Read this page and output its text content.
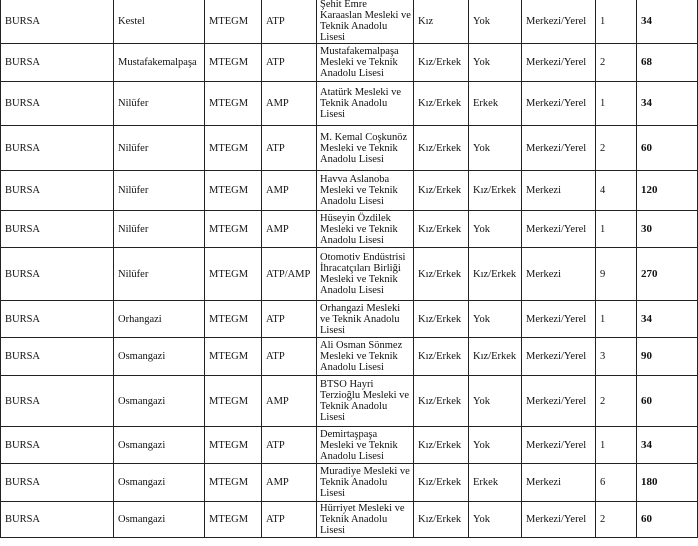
BURSA	Kestel	MTEGM	ATP	Şehit Emre Karaaslan Mesleki ve Teknik Anadolu Lisesi	Kız	Yok	Merkezi/Yerel	1	34
BURSA	Mustafakemalpaşa	MTEGM	ATP	Mustafakemalpaşa Mesleki ve Teknik Anadolu Lisesi	Kız/Erkek	Yok	Merkezi/Yerel	2	68
BURSA	Nilüfer	MTEGM	AMP	Atatürk Mesleki ve Teknik Anadolu Lisesi	Kız/Erkek	Erkek	Merkezi/Yerel	1	34
BURSA	Nilüfer	MTEGM	ATP	M. Kemal Coşkunöz Mesleki ve Teknik Anadolu Lisesi	Kız/Erkek	Yok	Merkezi/Yerel	2	60
BURSA	Nilüfer	MTEGM	AMP	Havva Aslanoba Mesleki ve Teknik Anadolu Lisesi	Kız/Erkek	Kız/Erkek	Merkezi	4	120
BURSA	Nilüfer	MTEGM	AMP	Hüseyin Özdilek Mesleki ve Teknik Anadolu Lisesi	Kız/Erkek	Yok	Merkezi/Yerel	1	30
BURSA	Nilüfer	MTEGM	ATP/AMP	Otomotiv Endüstrisi İhracatçıları Birliği Mesleki ve Teknik Anadolu Lisesi	Kız/Erkek	Kız/Erkek	Merkezi	9	270
BURSA	Orhangazi	MTEGM	ATP	Orhangazi Mesleki ve Teknik Anadolu Lisesi	Kız/Erkek	Yok	Merkezi/Yerel	1	34
BURSA	Osmangazi	MTEGM	ATP	Ali Osman Sönmez Mesleki ve Teknik Anadolu Lisesi	Kız/Erkek	Kız/Erkek	Merkezi/Yerel	3	90
BURSA	Osmangazi	MTEGM	AMP	BTSO Hayri Terzioğlu Mesleki ve Teknik Anadolu Lisesi	Kız/Erkek	Yok	Merkezi/Yerel	2	60
BURSA	Osmangazi	MTEGM	ATP	Demirtaşpaşa Mesleki ve Teknik Anadolu Lisesi	Kız/Erkek	Yok	Merkezi/Yerel	1	34
BURSA	Osmangazi	MTEGM	AMP	Muradiye Mesleki ve Teknik Anadolu Lisesi	Kız/Erkek	Erkek	Merkezi	6	180
BURSA	Osmangazi	MTEGM	ATP	Hürriyet Mesleki ve Teknik Anadolu Lisesi	Kız/Erkek	Yok	Merkezi/Yerel	2	60
